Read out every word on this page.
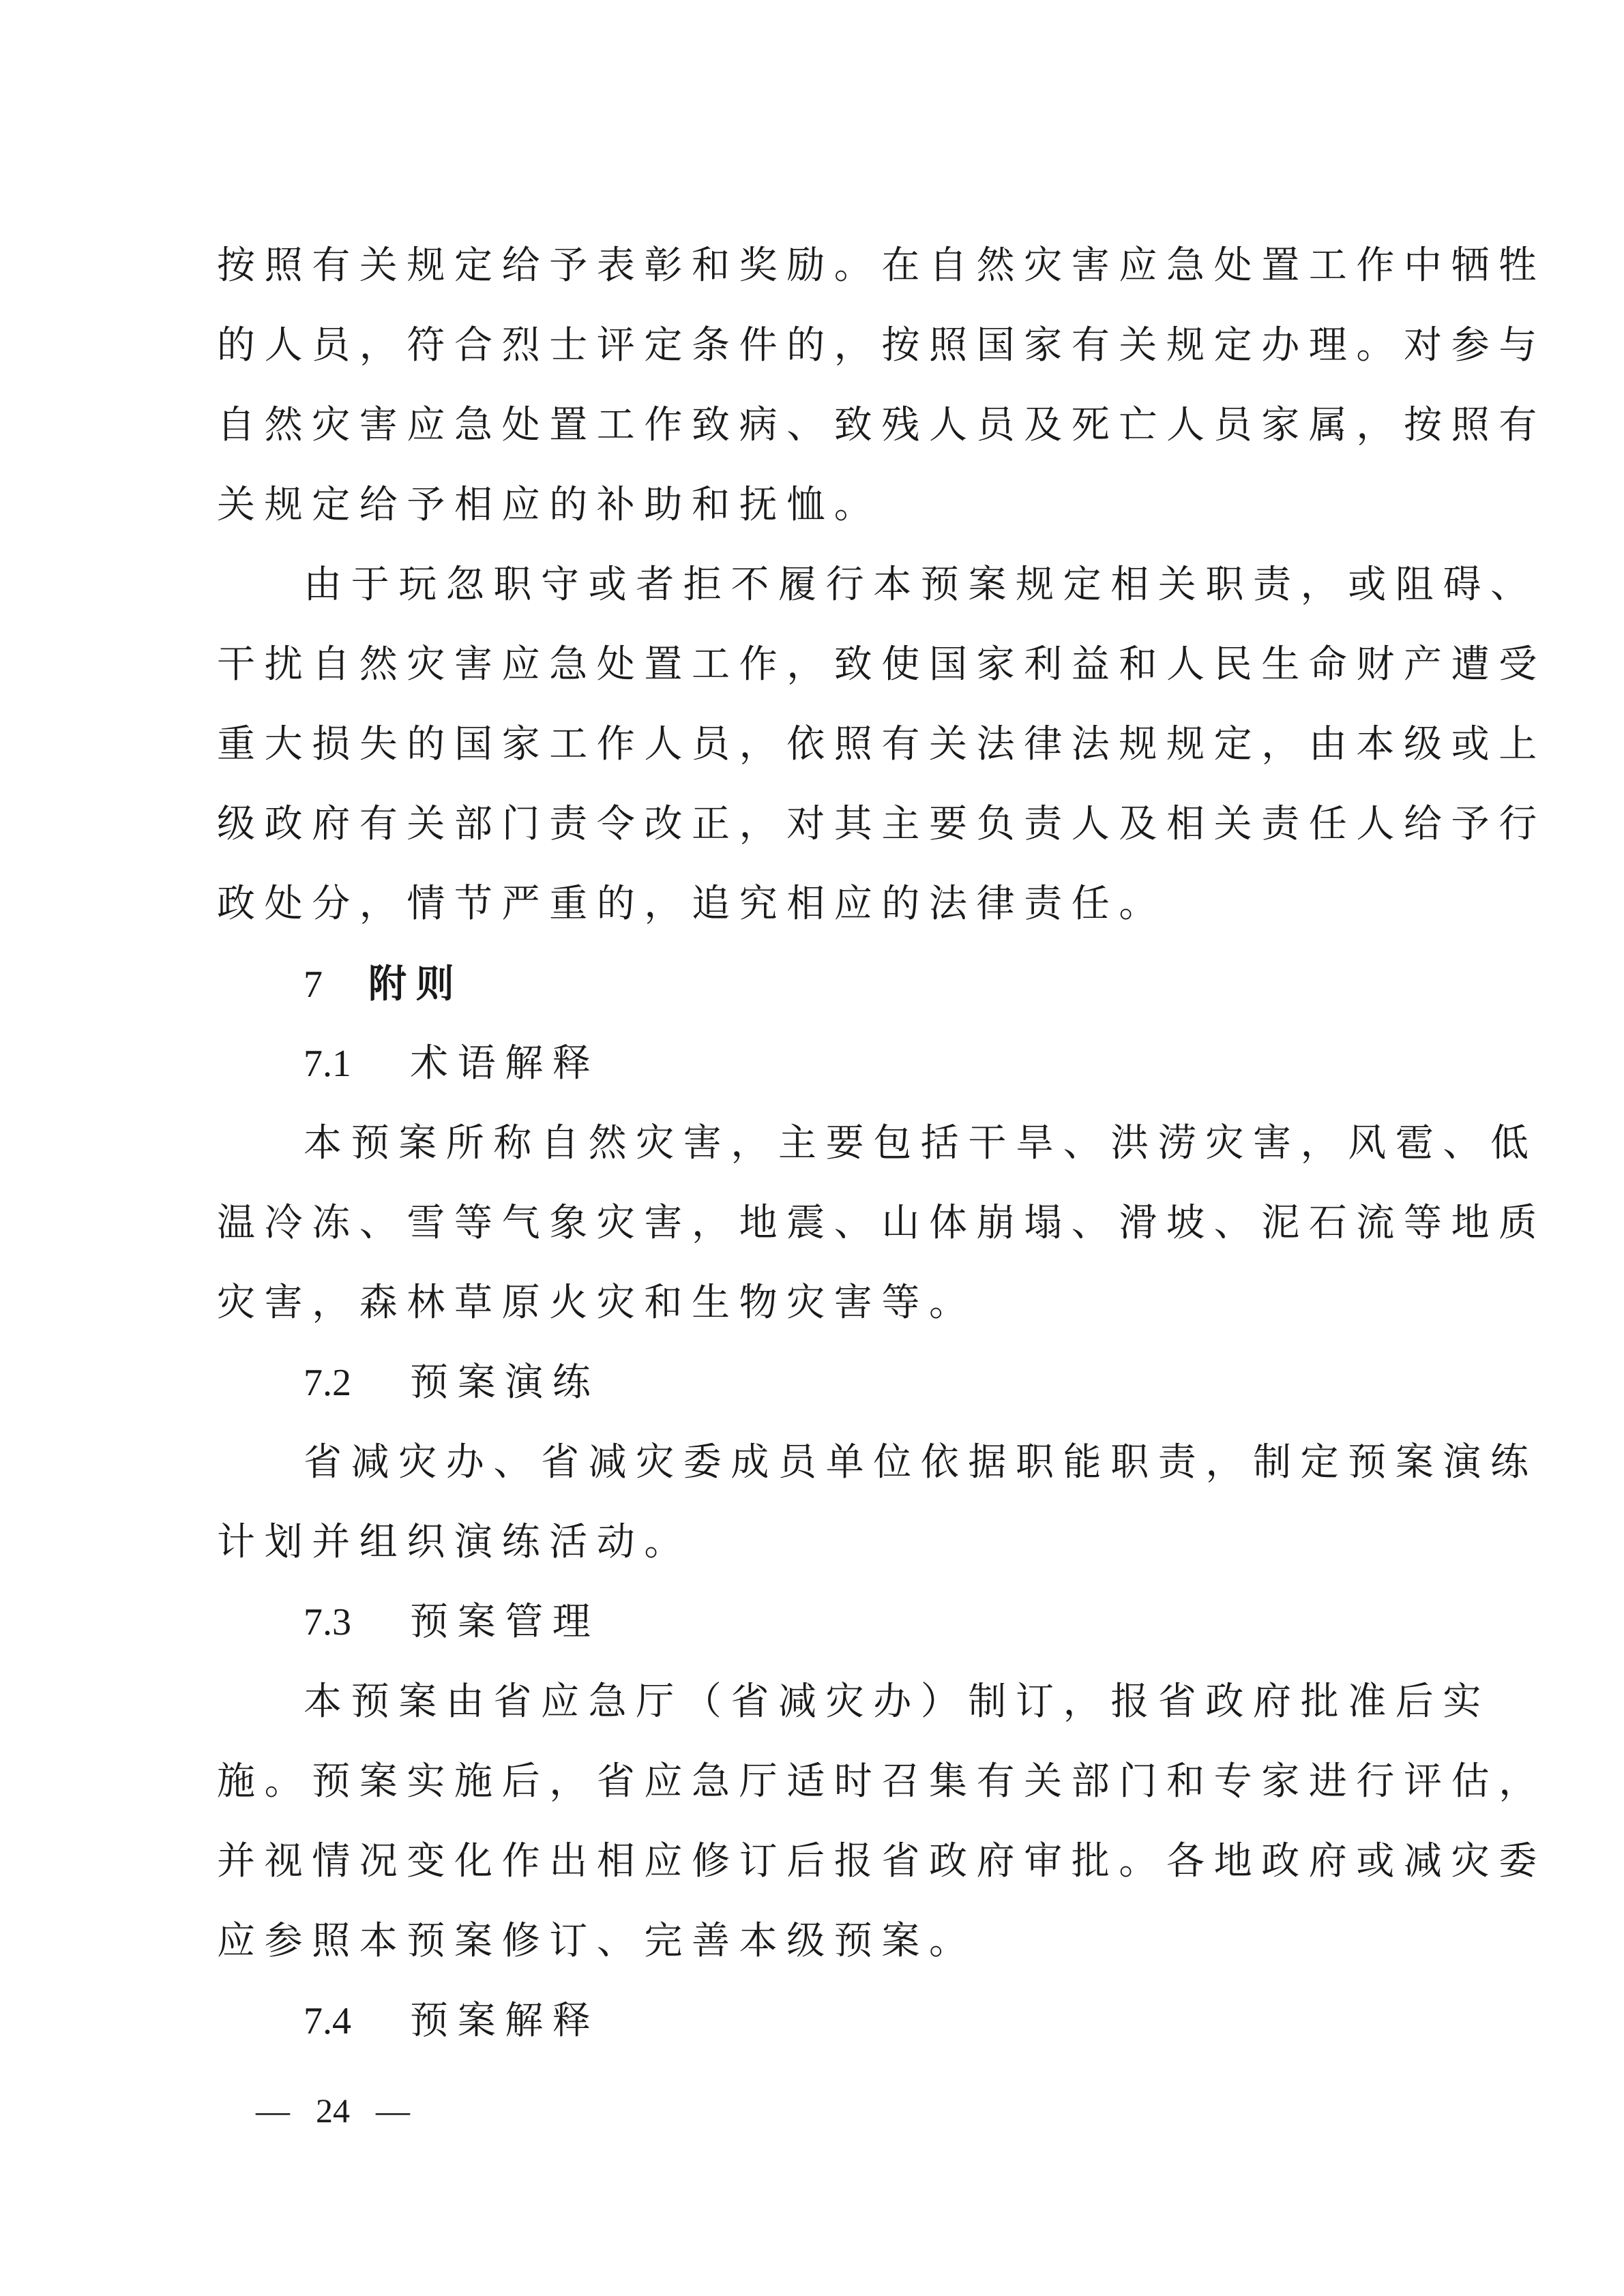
按照有关规定给予表彰和奖励。在自然灾害应急处置工作中牺牲
的人员，符合烈士评定条件的，按照国家有关规定办理。对参与
自然灾害应急处置工作致病、致残人员及死亡人员家属，按照有
关规定给予相应的补助和抚恤。
由于玩忽职守或者拒不履行本预案规定相关职责，或阻碍、
干扰自然灾害应急处置工作，致使国家利益和人民生命财产遭受
重大损失的国家工作人员，依照有关法律法规规定，由本级或上
级政府有关部门责令改正，对其主要负责人及相关责任人给予行
政处分，情节严重的，追究相应的法律责任。
7 附则
7.1 术语解释
本预案所称自然灾害，主要包括干旱、洪涝灾害，风雹、低
温冷冻、雪等气象灾害，地震、山体崩塌、滑坡、泥石流等地质
灾害，森林草原火灾和生物灾害等。
7.2 预案演练
省减灾办、省减灾委成员单位依据职能职责，制定预案演练
计划并组织演练活动。
7.3 预案管理
本预案由省应急厅（省减灾办）制订，报省政府批准后实
施。预案实施后，省应急厅适时召集有关部门和专家进行评估，
并视情况变化作出相应修订后报省政府审批。各地政府或减灾委
应参照本预案修订、完善本级预案。
7.4 预案解释
— 24 —
